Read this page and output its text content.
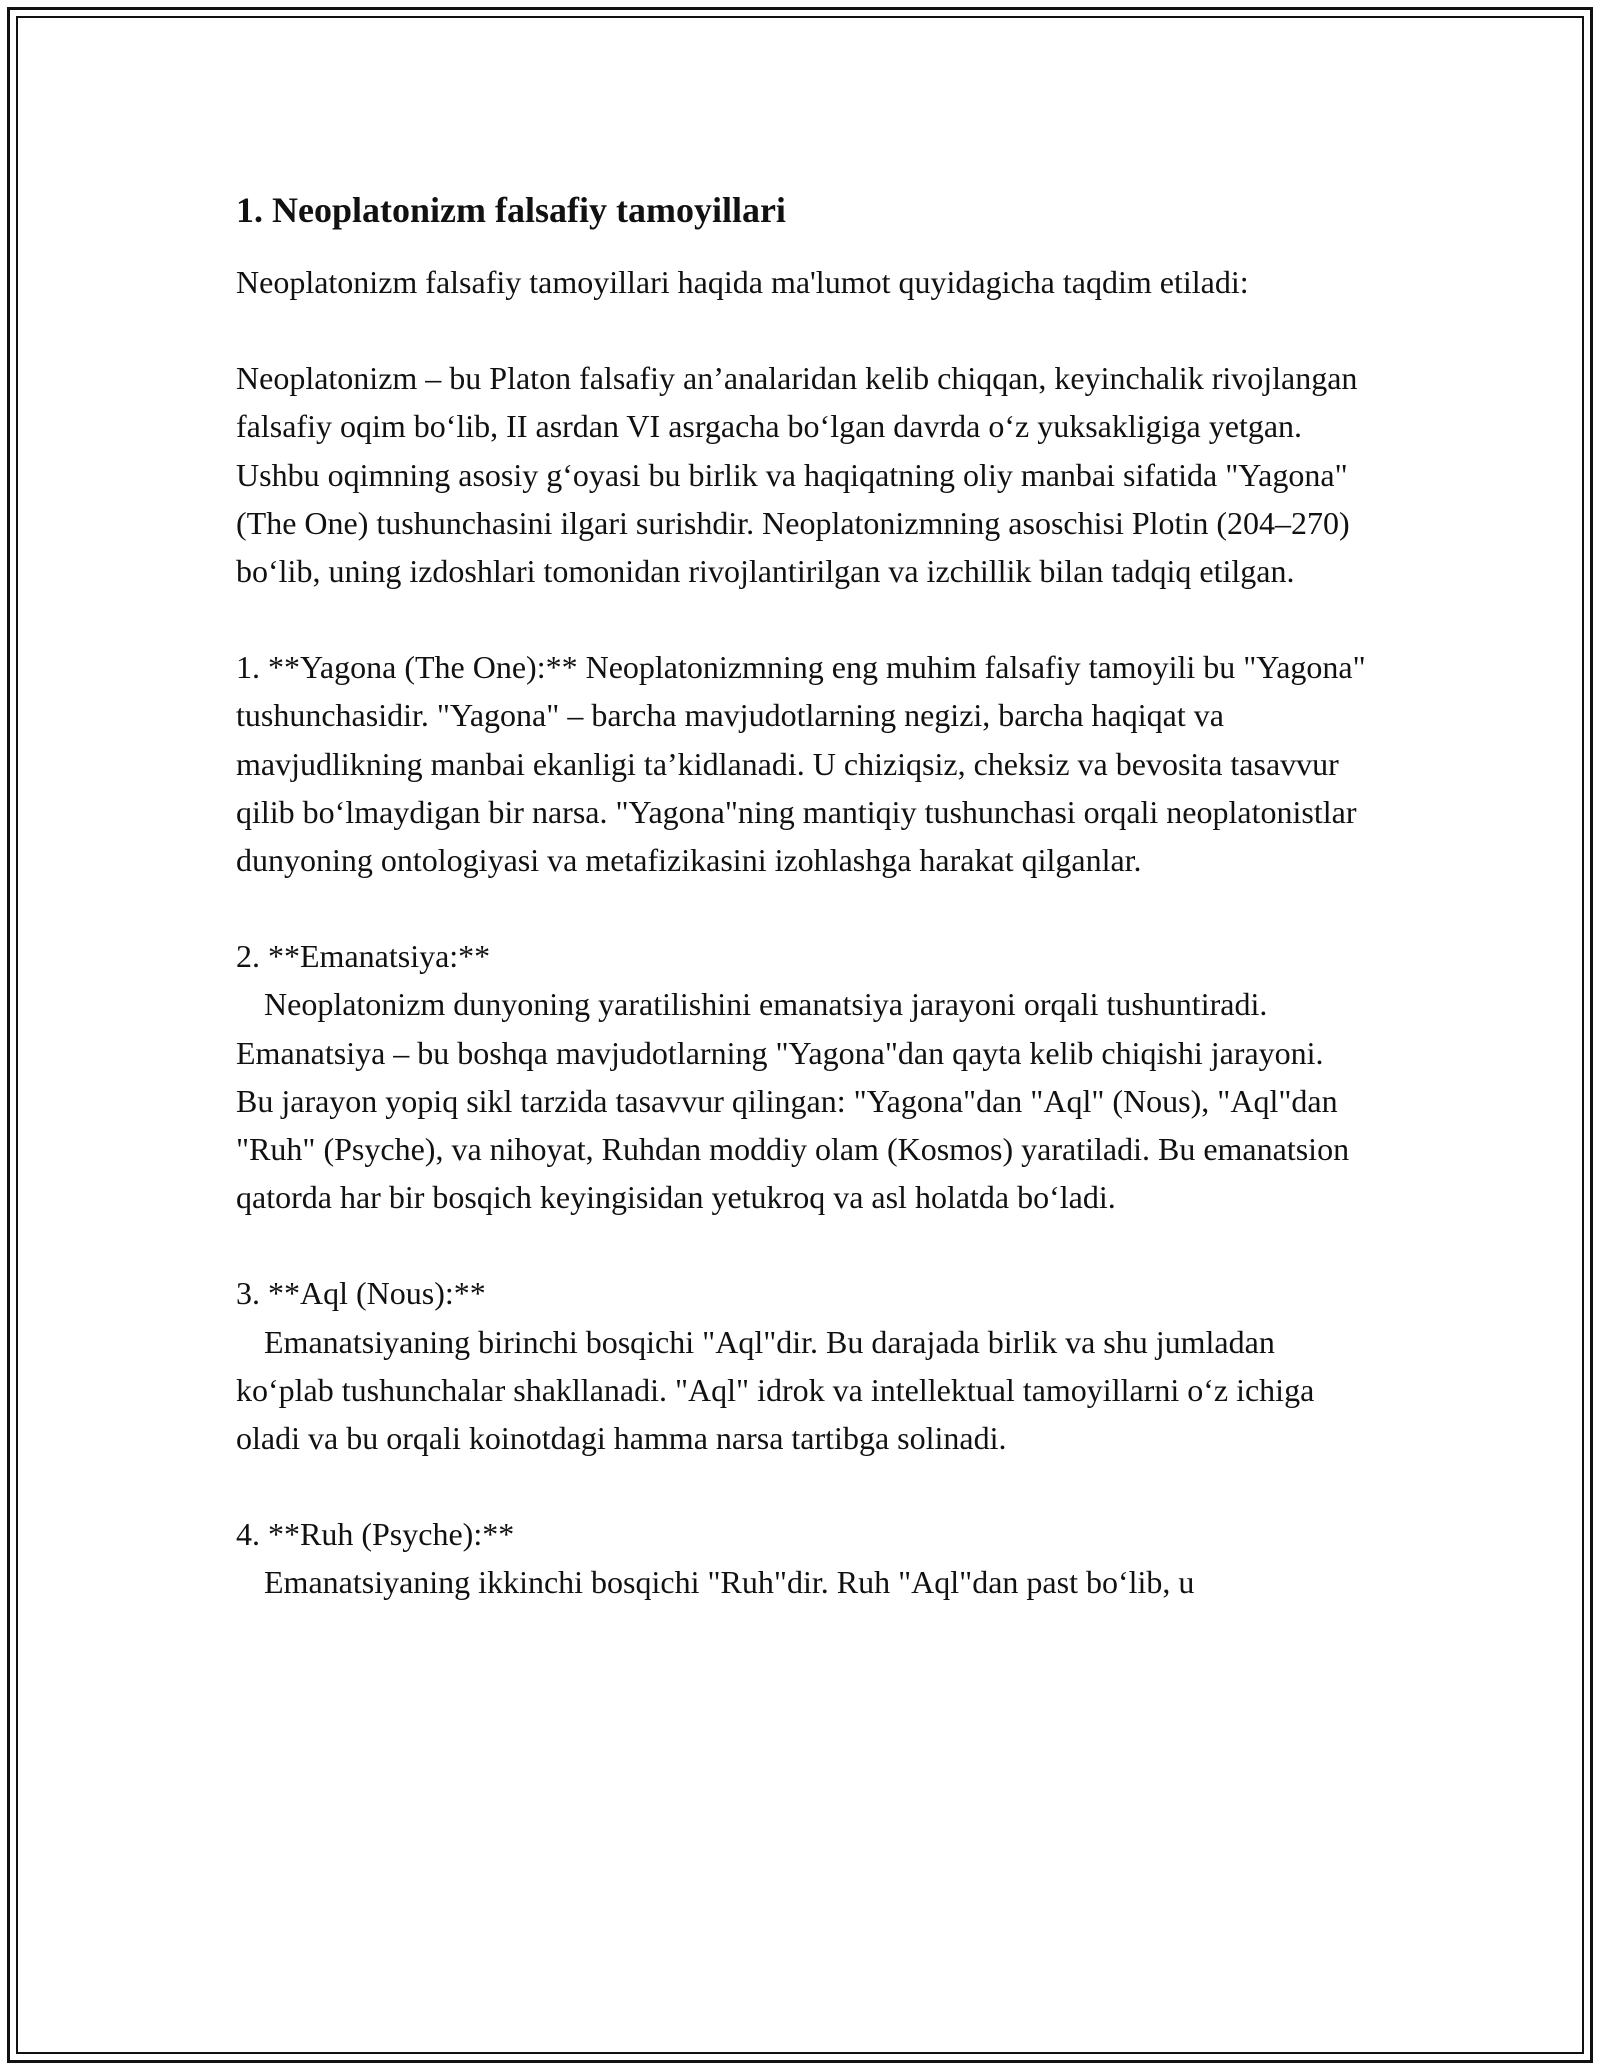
1. Neoplatonizm falsafiy tamoyillari

Neoplatonizm falsafiy tamoyillari haqida ma'lumot quyidagicha taqdim etiladi:

Neoplatonizm – bu Platon falsafiy an’analaridan kelib chiqqan, keyinchalik rivojlangan falsafiy oqim bo‘lib, II asrdan VI asrgacha bo‘lgan davrda o‘z yuksakligiga yetgan. Ushbu oqimning asosiy g‘oyasi bu birlik va haqiqatning oliy manbai sifatida "Yagona" (The One) tushunchasini ilgari surishdir. Neoplatonizmning asoschisi Plotin (204–270) bo‘lib, uning izdoshlari tomonidan rivojlantirilgan va izchillik bilan tadqiq etilgan.

1. **Yagona (The One):** Neoplatonizmning eng muhim falsafiy tamoyili bu "Yagona" tushunchasidir. "Yagona" – barcha mavjudotlarning negizi, barcha haqiqat va mavjudlikning manbai ekanligi ta’kidlanadi. U chiziqsiz, cheksiz va bevosita tasavvur qilib bo‘lmaydigan bir narsa. "Yagona"ning mantiqiy tushunchasi orqali neoplatonistlar dunyoning ontologiyasi va metafizikasini izohlashga harakat qilganlar.

2. **Emanatsiya:**

Neoplatonizm dunyoning yaratilishini emanatsiya jarayoni orqali tushuntiradi. Emanatsiya – bu boshqa mavjudotlarning "Yagona"dan qayta kelib chiqishi jarayoni. Bu jarayon yopiq sikl tarzida tasavvur qilingan: "Yagona"dan "Aql" (Nous), "Aql"dan "Ruh" (Psyche), va nihoyat, Ruhdan moddiy olam (Kosmos) yaratiladi. Bu emanatsion qatorda har bir bosqich keyingisidan yetukroq va asl holatda bo‘ladi.

3. **Aql (Nous):**

Emanatsiyaning birinchi bosqichi "Aql"dir. Bu darajada birlik va shu jumladan ko‘plab tushunchalar shakllanadi. "Aql" idrok va intellektual tamoyillarni o‘z ichiga oladi va bu orqali koinotdagi hamma narsa tartibga solinadi.

4. **Ruh (Psyche):**

Emanatsiyaning ikkinchi bosqichi "Ruh"dir. Ruh "Aql"dan past bo‘lib, u
